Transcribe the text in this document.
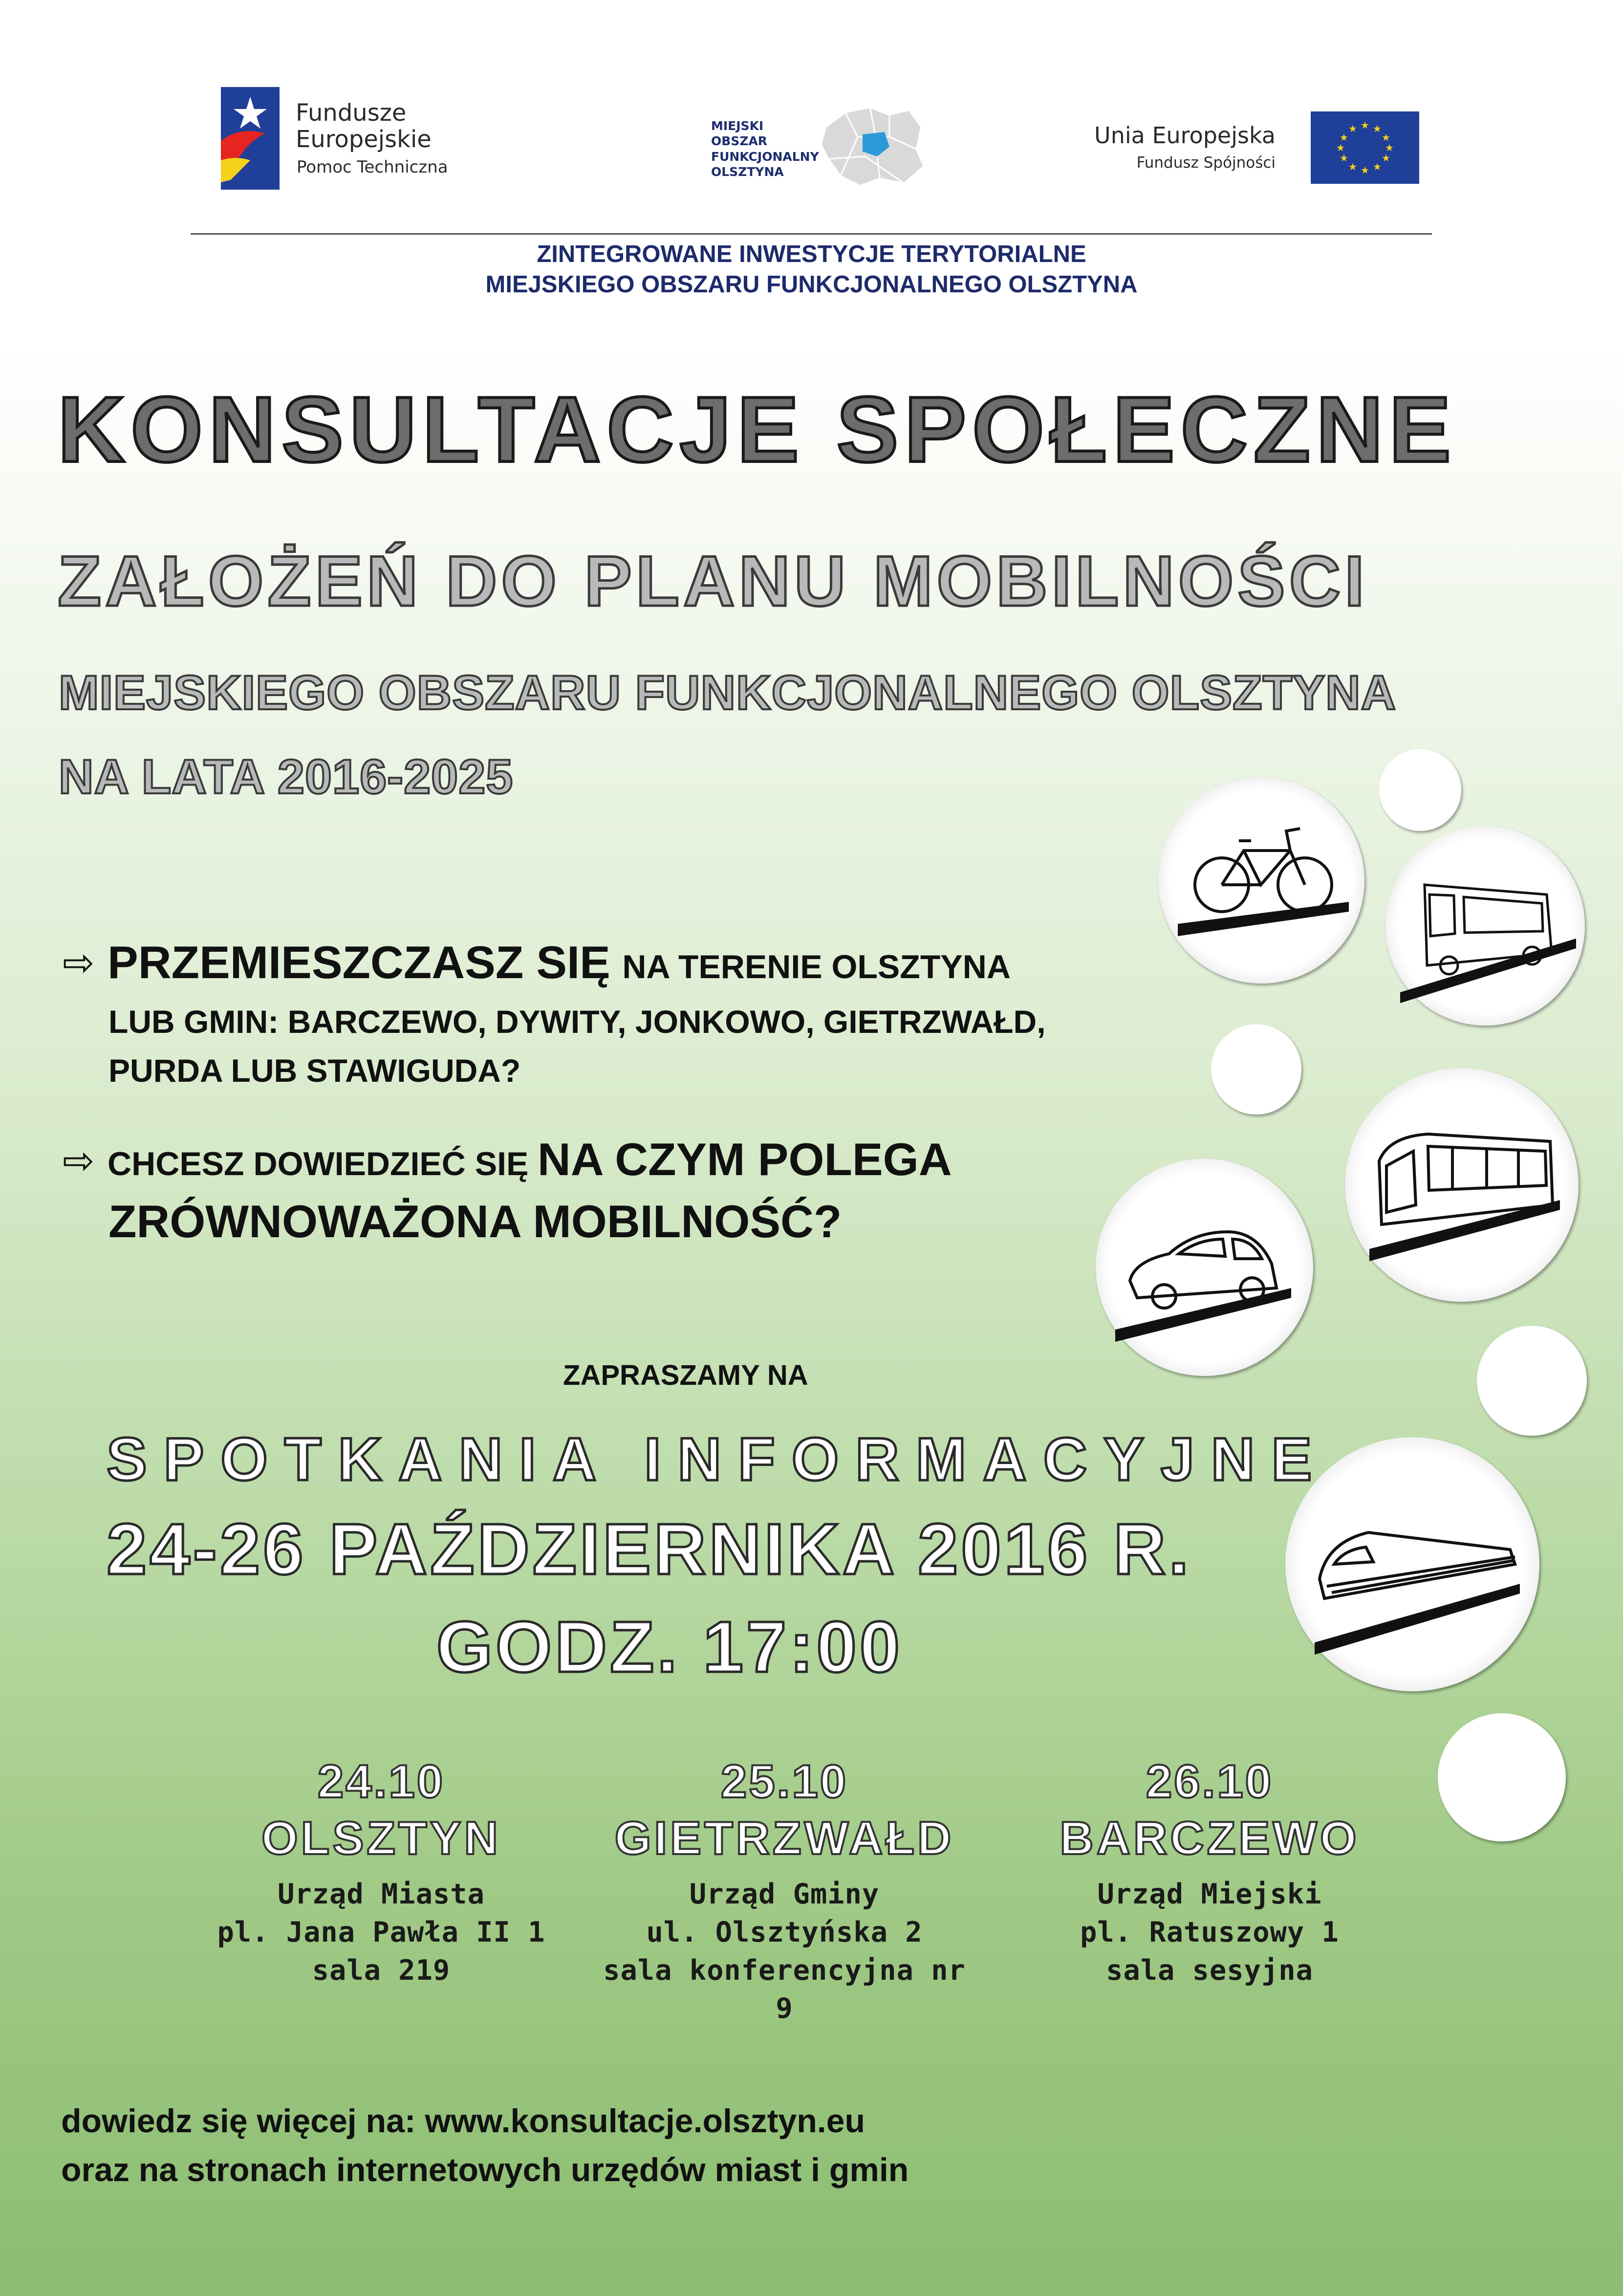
Fundusze
Europejskie
Pomoc Techniczna
MIEJSKI
OBSZAR
FUNKCJONALNY
OLSZTYNA
Unia Europejska
Fundusz Spójności
★ ★
★
★
★
★
★
★
★
★
★
★
ZINTEGROWANE INWESTYCJE TERYTORIALNE
MIEJSKIEGO OBSZARU FUNKCJONALNEGO OLSZTYNA
KONSULTACJE SPOŁECZNE
ZAŁOŻEŃ DO PLANU MOBILNOŚCI
MIEJSKIEGO OBSZARU FUNKCJONALNEGO OLSZTYNA
NA LATA 2016-2025
⇨ PRZEMIESZCZASZ SIĘ NA TERENIE OLSZTYNA
LUB GMIN: BARCZEWO, DYWITY, JONKOWO, GIETRZWAŁD,
PURDA LUB STAWIGUDA?
⇨ CHCESZ DOWIEDZIEĆ SIĘ NA CZYM POLEGA
ZRÓWNOWAŻONA MOBILNOŚĆ?
ZAPRASZAMY NA
SPOTKANIA INFORMACYJNE
24-26 PAŹDZIERNIKA 2016 R.
GODZ. 17:00
24.10
OLSZTYN
Urząd Miasta
pl. Jana Pawła II 1
sala 219
25.10
GIETRZWAŁD
Urząd Gminy
ul. Olsztyńska 2
sala konferencyjna nr 9
26.10
BARCZEWO
Urząd Miejski
pl. Ratuszowy 1
sala sesyjna
dowiedz się więcej na: www.konsultacje.olsztyn.eu
oraz na stronach internetowych urzędów miast i gmin
